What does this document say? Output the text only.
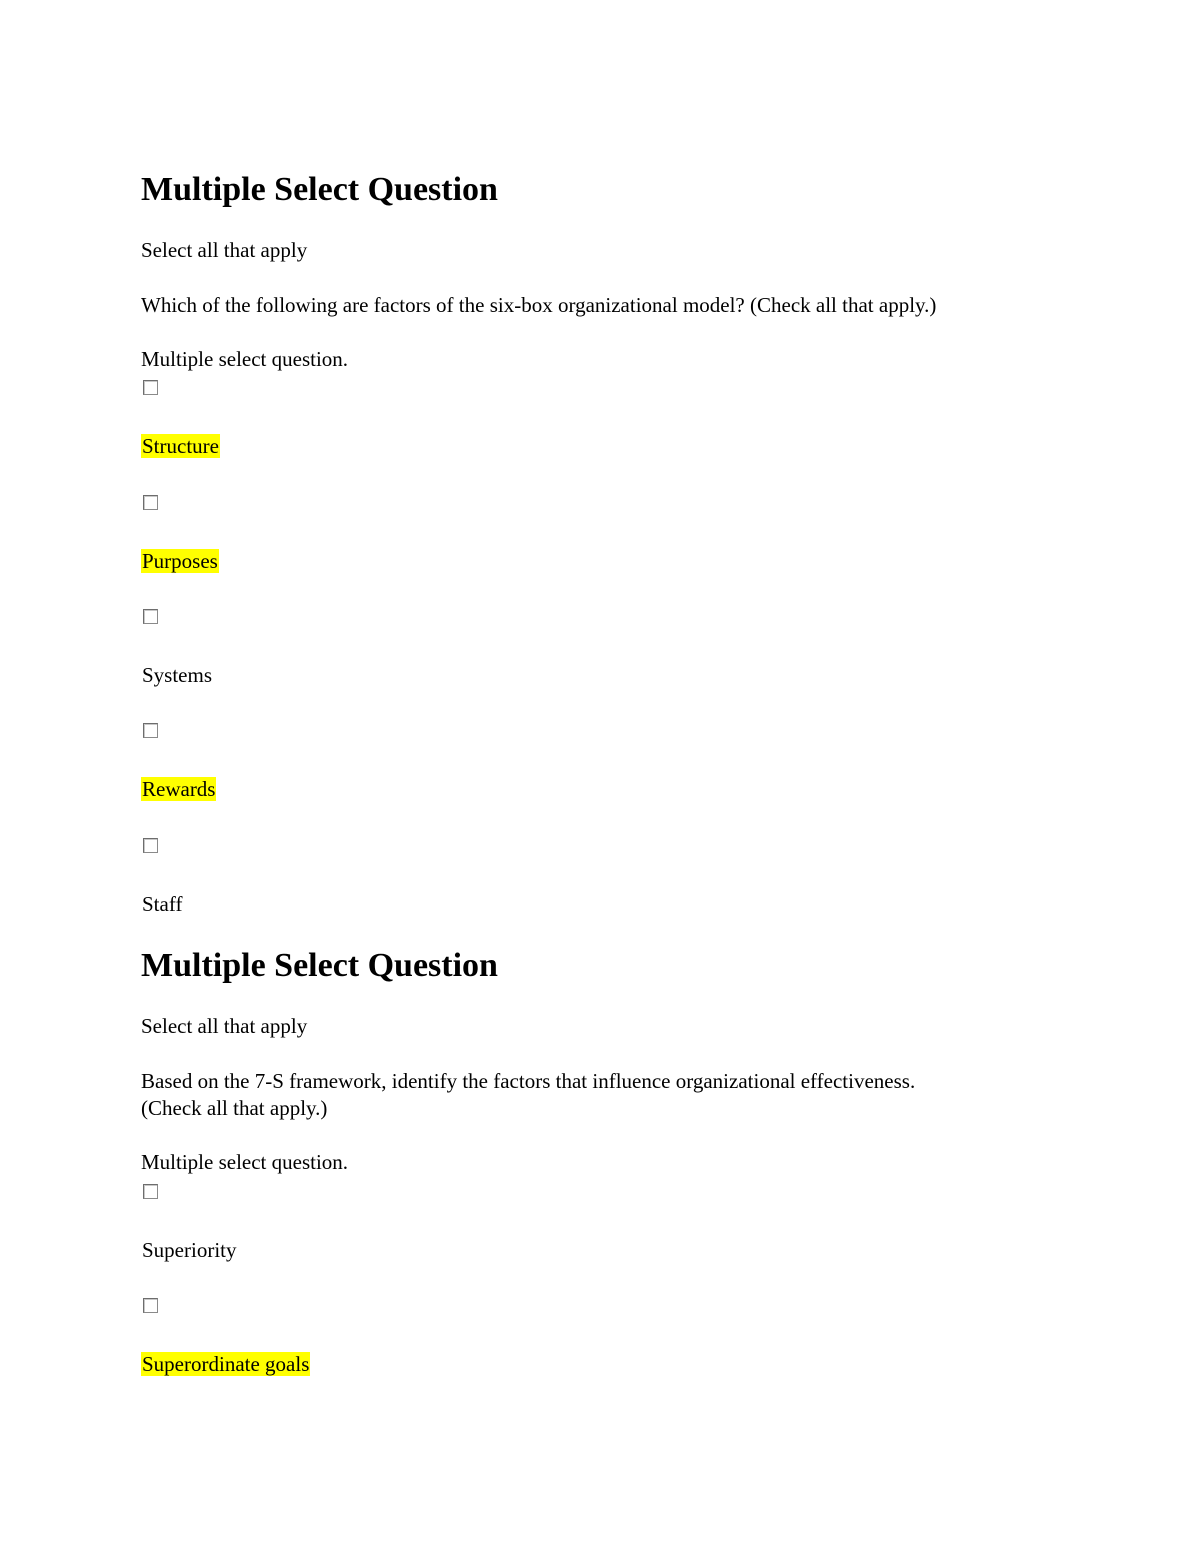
Multiple Select Question

Select all that apply

Which of the following are factors of the six-box organizational model? (Check all that apply.)

Multiple select question.

Structure

Purposes

Systems

Rewards

Staff

Multiple Select Question

Select all that apply

Based on the 7-S framework, identify the factors that influence organizational effectiveness.

(Check all that apply.)

Multiple select question.

Superiority

Superordinate goals
